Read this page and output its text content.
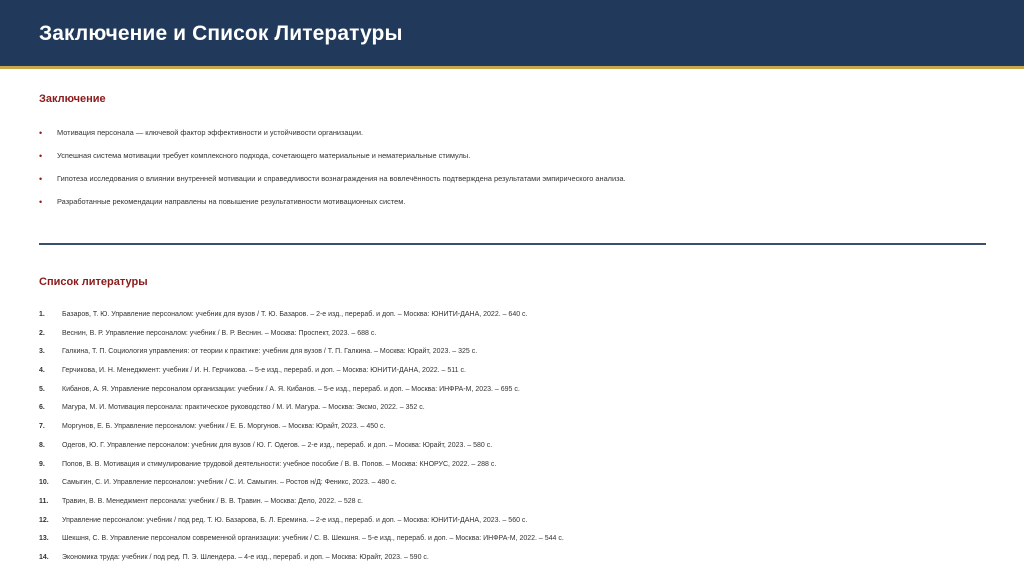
Заключение и Список Литературы
Заключение
• Мотивация персонала — ключевой фактор эффективности и устойчивости организации.
• Успешная система мотивации требует комплексного подхода, сочетающего материальные и нематериальные стимулы.
• Гипотеза исследования о влиянии внутренней мотивации и справедливости вознаграждения на вовлечённость подтверждена результатами эмпирического анализа.
• Разработанные рекомендации направлены на повышение результативности мотивационных систем.
Список литературы
1. Базаров, Т. Ю. Управление персоналом: учебник для вузов / Т. Ю. Базаров. – 2-е изд., перераб. и доп. – Москва: ЮНИТИ-ДАНА, 2022. – 640 с.
2. Веснин, В. Р. Управление персоналом: учебник / В. Р. Веснин. – Москва: Проспект, 2023. – 688 с.
3. Галкина, Т. П. Социология управления: от теории к практике: учебник для вузов / Т. П. Галкина. – Москва: Юрайт, 2023. – 325 с.
4. Герчикова, И. Н. Менеджмент: учебник / И. Н. Герчикова. – 5-е изд., перераб. и доп. – Москва: ЮНИТИ-ДАНА, 2022. – 511 с.
5. Кибанов, А. Я. Управление персоналом организации: учебник / А. Я. Кибанов. – 5-е изд., перераб. и доп. – Москва: ИНФРА-М, 2023. – 695 с.
6. Магура, М. И. Мотивация персонала: практическое руководство / М. И. Магура. – Москва: Эксмо, 2022. – 352 с.
7. Моргунов, Е. Б. Управление персоналом: учебник / Е. Б. Моргунов. – Москва: Юрайт, 2023. – 450 с.
8. Одегов, Ю. Г. Управление персоналом: учебник для вузов / Ю. Г. Одегов. – 2-е изд., перераб. и доп. – Москва: Юрайт, 2023. – 580 с.
9. Попов, В. В. Мотивация и стимулирование трудовой деятельности: учебное пособие / В. В. Попов. – Москва: КНОРУС, 2022. – 288 с.
10. Самыгин, С. И. Управление персоналом: учебник / С. И. Самыгин. – Ростов н/Д: Феникс, 2023. – 480 с.
11. Травин, В. В. Менеджмент персонала: учебник / В. В. Травин. – Москва: Дело, 2022. – 528 с.
12. Управление персоналом: учебник / под ред. Т. Ю. Базарова, Б. Л. Еремина. – 2-е изд., перераб. и доп. – Москва: ЮНИТИ-ДАНА, 2023. – 560 с.
13. Шекшня, С. В. Управление персоналом современной организации: учебник / С. В. Шекшня. – 5-е изд., перераб. и доп. – Москва: ИНФРА-М, 2022. – 544 с.
14. Экономика труда: учебник / под ред. П. Э. Шлендера. – 4-е изд., перераб. и доп. – Москва: Юрайт, 2023. – 590 с.
